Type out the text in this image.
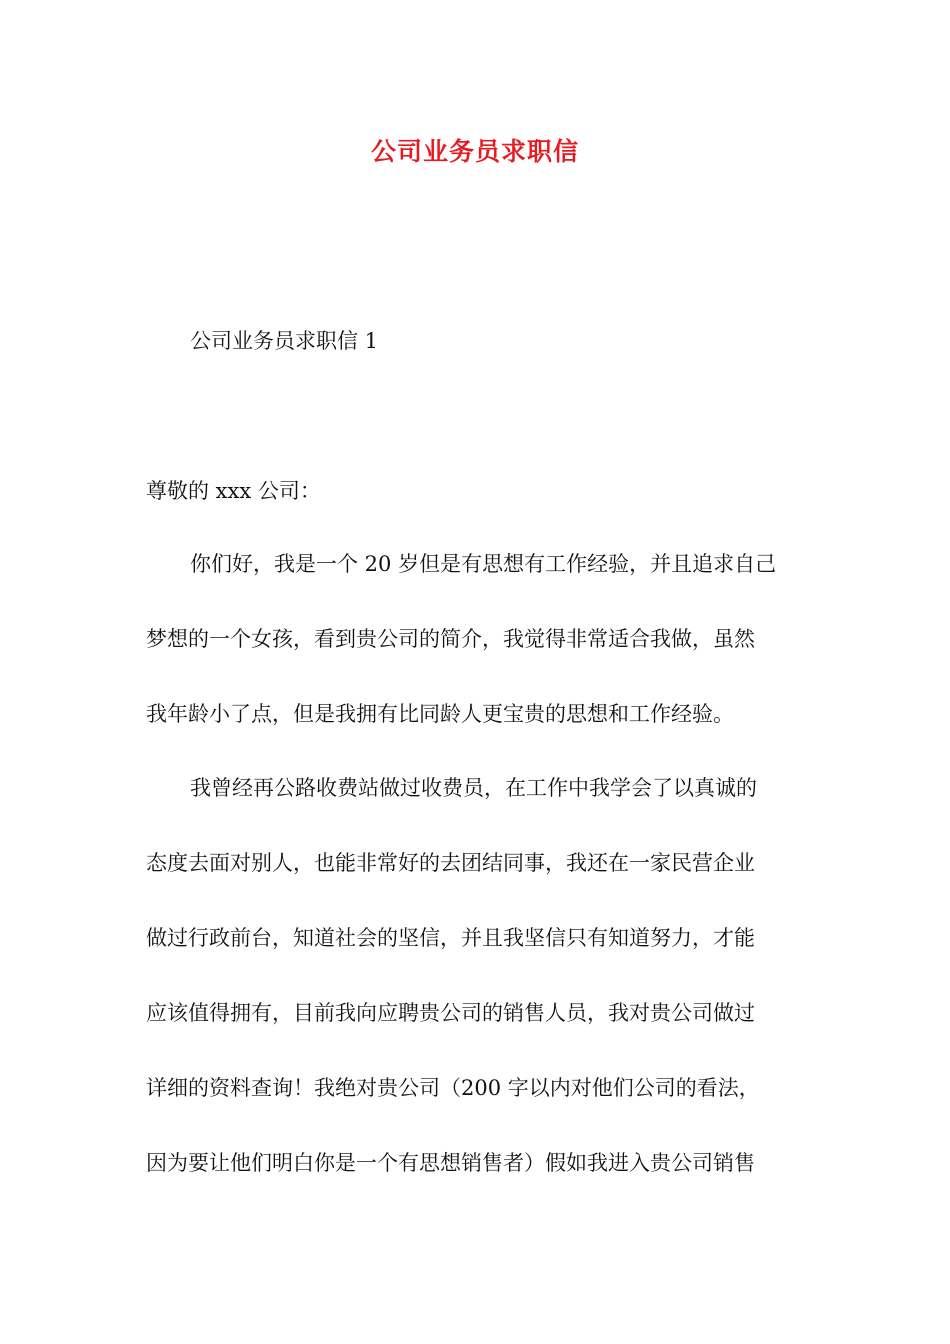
公司业务员求职信
公司业务员求职信 1
尊敬的 xxx 公司：
你们好，我是一个 20 岁但是有思想有工作经验，并且追求自己
梦想的一个女孩，看到贵公司的简介，我觉得非常适合我做，虽然
我年龄小了点，但是我拥有比同龄人更宝贵的思想和工作经验。
我曾经再公路收费站做过收费员，在工作中我学会了以真诚的
态度去面对别人，也能非常好的去团结同事，我还在一家民营企业
做过行政前台，知道社会的坚信，并且我坚信只有知道努力，才能
应该值得拥有，目前我向应聘贵公司的销售人员，我对贵公司做过
详细的资料查询！我绝对贵公司（200 字以内对他们公司的看法，
因为要让他们明白你是一个有思想销售者）假如我进入贵公司销售
